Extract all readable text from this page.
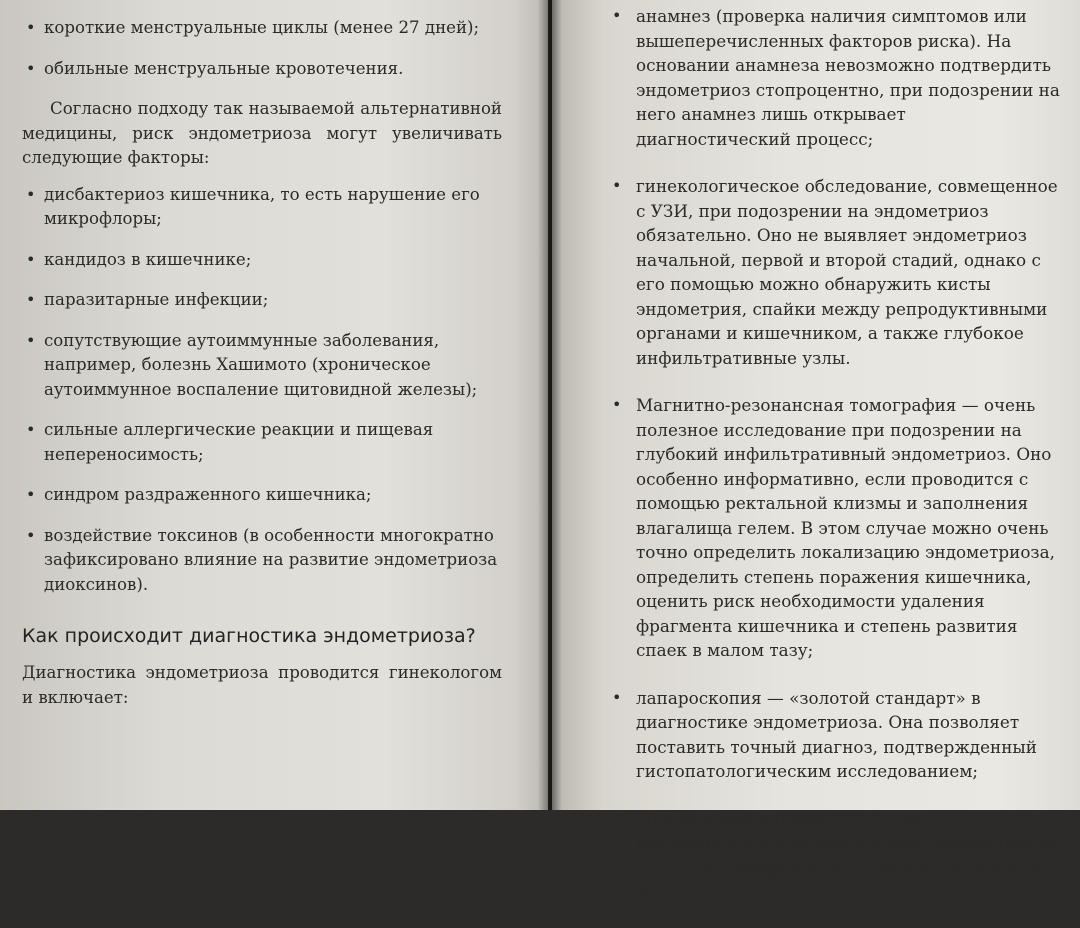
• короткие менструальные циклы (менее 27 дней);
• обильные менструальные кровотечения.

Согласно подходу так называемой альтернативной медицины, риск эндометриоза могут увеличивать следующие факторы:

• дисбактериоз кишечника, то есть нарушение его микрофлоры;
• кандидоз в кишечнике;
• паразитарные инфекции;
• сопутствующие аутоиммунные заболевания, например, болезнь Хашимото (хроническое аутоиммунное воспаление щитовидной железы);
• сильные аллергические реакции и пищевая непереносимость;
• синдром раздраженного кишечника;
• воздействие токсинов (в особенности многократно зафиксировано влияние на развитие эндометриоза диоксинов).
Как происходит диагностика эндометриоза?

Диагностика эндометриоза проводится гинекологом и включает:

• анамнез (проверка наличия симптомов или вышеперечисленных факторов риска). На основании анамнеза невозможно подтвердить эндометриоз стопроцентно, при подозрении на него анамнез лишь открывает диагностический процесс;
• гинекологическое обследование, совмещенное с УЗИ, при подозрении на эндометриоз обязательно. Оно не выявляет эндометриоз начальной, первой и второй стадий, однако с его помощью можно обнаружить кисты эндометрия, спайки между репродуктивными органами и кишечником, а также глубокое инфильтративные узлы.
• Магнитно-резонансная томография — очень полезное исследование при подозрении на глубокий инфильтративный эндометриоз. Оно особенно информативно, если проводится с помощью ректальной клизмы и заполнения влагалища гелем. В этом случае можно очень точно определить локализацию эндометриоза, определить степень поражения кишечника, оценить риск необходимости удаления фрагмента кишечника и степень развития спаек в малом тазу;
• лапароскопия — «золотой стандарт» в диагностике эндометриоза. Она позволяет поставить точный диагноз, подтвержденный гистопатологическим исследованием;
• определение маркера CA125 не рекомендуется для диагностики эндометриоза — это неспецифический и нечувствительный тест.
